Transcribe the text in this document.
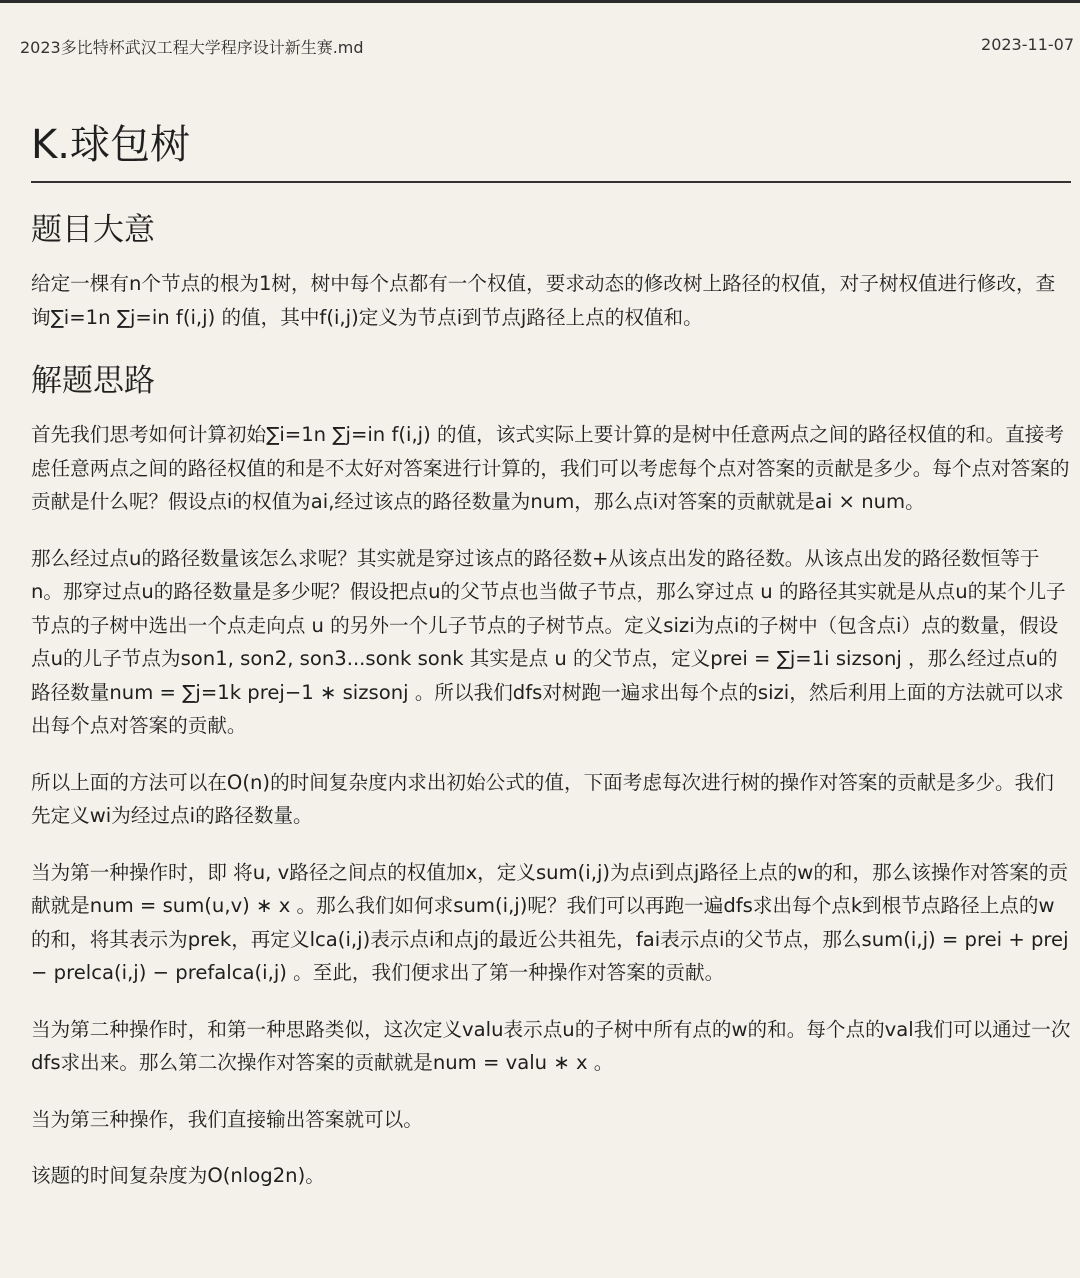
2023多比特杯武汉工程大学程序设计新生赛.md	2023-11-07
K.球包树
题目大意

给定一棵有n个节点的根为1树，树中每个点都有一个权值，要求动态的修改树上路径的权值，对子树权值进行修改，查询∑i=1n ∑j=in f(i,j) 的值，其中f(i,j)定义为节点i到节点j路径上点的权值和。

解题思路

首先我们思考如何计算初始∑i=1n ∑j=in f(i,j) 的值，该式实际上要计算的是树中任意两点之间的路径权值的和。直接考虑任意两点之间的路径权值的和是不太好对答案进行计算的，我们可以考虑每个点对答案的贡献是多少。每个点对答案的贡献是什么呢？假设点i的权值为ai,经过该点的路径数量为num，那么点i对答案的贡献就是ai × num。

那么经过点u的路径数量该怎么求呢？其实就是穿过该点的路径数+从该点出发的路径数。从该点出发的路径数恒等于n。那穿过点u的路径数量是多少呢？假设把点u的父节点也当做子节点，那么穿过点 u 的路径其实就是从点u的某个儿子节点的子树中选出一个点走向点 u 的另外一个儿子节点的子树节点。定义sizi为点i的子树中（包含点i）点的数量，假设点u的儿子节点为son1, son2, son3...sonk sonk 其实是点 u 的父节点，定义prei = ∑j=1i sizsonj ，那么经过点u的路径数量num = ∑j=1k prej−1 ∗ sizsonj 。所以我们dfs对树跑一遍求出每个点的sizi，然后利用上面的方法就可以求出每个点对答案的贡献。

所以上面的方法可以在O(n)的时间复杂度内求出初始公式的值，下面考虑每次进行树的操作对答案的贡献是多少。我们先定义wi为经过点i的路径数量。

当为第一种操作时，即 将u, v路径之间点的权值加x，定义sum(i,j)为点i到点j路径上点的w的和，那么该操作对答案的贡献就是num = sum(u,v) ∗ x 。那么我们如何求sum(i,j)呢？我们可以再跑一遍dfs求出每个点k到根节点路径上点的w的和，将其表示为prek，再定义lca(i,j)表示点i和点j的最近公共祖先，fai表示点i的父节点，那么sum(i,j) = prei + prej − prelca(i,j) − prefalca(i,j) 。至此，我们便求出了第一种操作对答案的贡献。

当为第二种操作时，和第一种思路类似，这次定义valu表示点u的子树中所有点的w的和。每个点的val我们可以通过一次dfs求出来。那么第二次操作对答案的贡献就是num = valu ∗ x 。

当为第三种操作，我们直接输出答案就可以。

该题的时间复杂度为O(nlog2n)。
